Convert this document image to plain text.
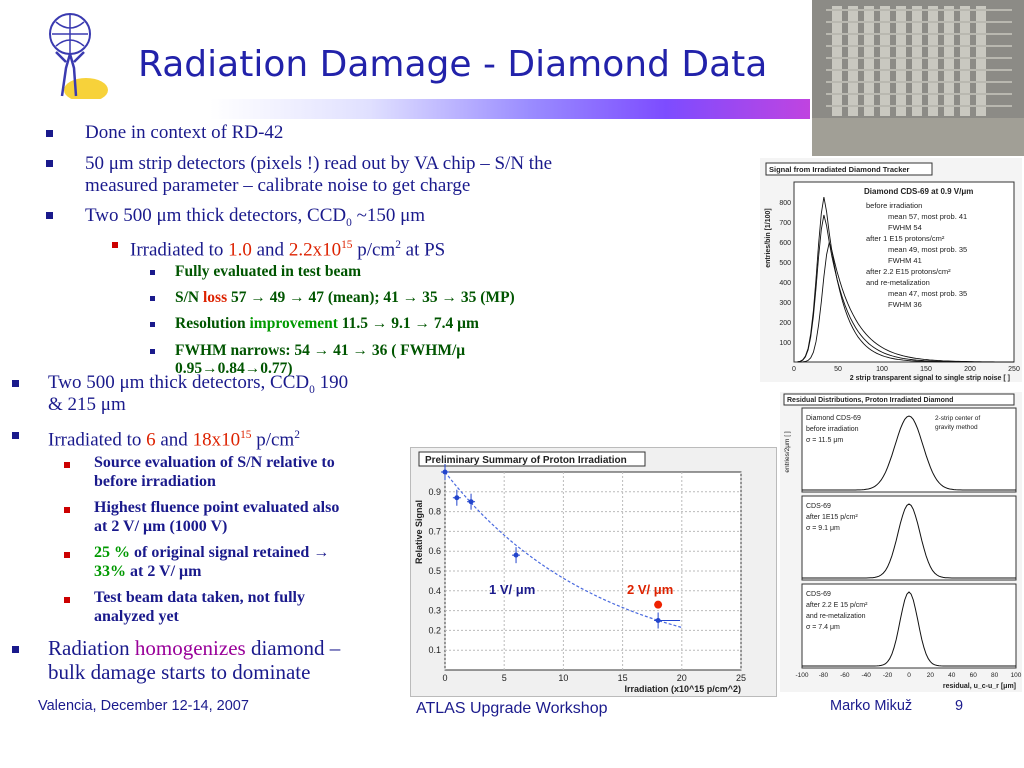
Radiation Damage - Diamond Data
Done in context of RD-42
50 μm strip detectors (pixels !) read out by VA chip – S/N the
measured parameter – calibrate noise to get charge
Two 500 μm thick detectors, $CCD_0$ ~150 μm
Irradiated to 1.0 and $2.2x10^{15}$ $p/cm^2$ at PS
Fully evaluated in test beam
S/N loss 57 → 49 → 47 (mean); 41 → 35 → 35 (MP)
Resolution improvement 11.5 → 9.1 → 7.4 μm
FWHM narrows: 54 → 41 → 36 ( FWHM/μ
0.95→0.84→0.77)
Two 500 μm thick detectors, $CCD_0$ 190
& 215 μm
Irradiated to 6 and $18x10^{15}$ $p/cm^2$
Source evaluation of S/N relative to
before irradiation
Highest fluence point evaluated also
at 2 V/ μm (1000 V)
25 % of original signal retained →
33% at 2 V/ μm
Test beam data taken, not fully
analyzed yet
Radiation homogenizes diamond –
bulk damage starts to dominate
Preliminary Summary of Proton Irradiation
0.1
0.2
0.3
0.4
0.5
0.6
0.7
0.8
0.9
0	5	10	15	20	25
Irradiation (x10^15 p/cm^2)
Relative Signal
1 V/ μm	2 V/ μm
Signal from Irradiated Diamond Tracker
100
200
300
400
500
600
700
800
0	50	100	150	200	250
2 strip transparent signal to single strip noise [ ]
entries/bin [1/100]
Diamond CDS-69 at 0.9 V/μm
before irradiation
mean 57, most prob. 41
FWHM 54
after 1 E15 protons/cm²
mean 49, most prob. 35
FWHM 41
after 2.2 E15 protons/cm²
and re-metalization
mean 47, most prob. 35
FWHM 36
Residual Distributions, Proton Irradiated Diamond
Diamond CDS-69
before irradiation
σ = 11.5 μm
2-strip center of
gravity method
CDS-69
after 1E15 p/cm²
σ = 9.1 μm
CDS-69
after 2.2 E 15 p/cm²
and re-metalization
σ = 7.4 μm
-100 -80 -60 -40 -20 0 20 40 60 80 100
residual, u_c-u_r [μm]
entries/2μm [ ]
Valencia, December 12-14, 2007	ATLAS Upgrade Workshop	Marko Mikuž	9
